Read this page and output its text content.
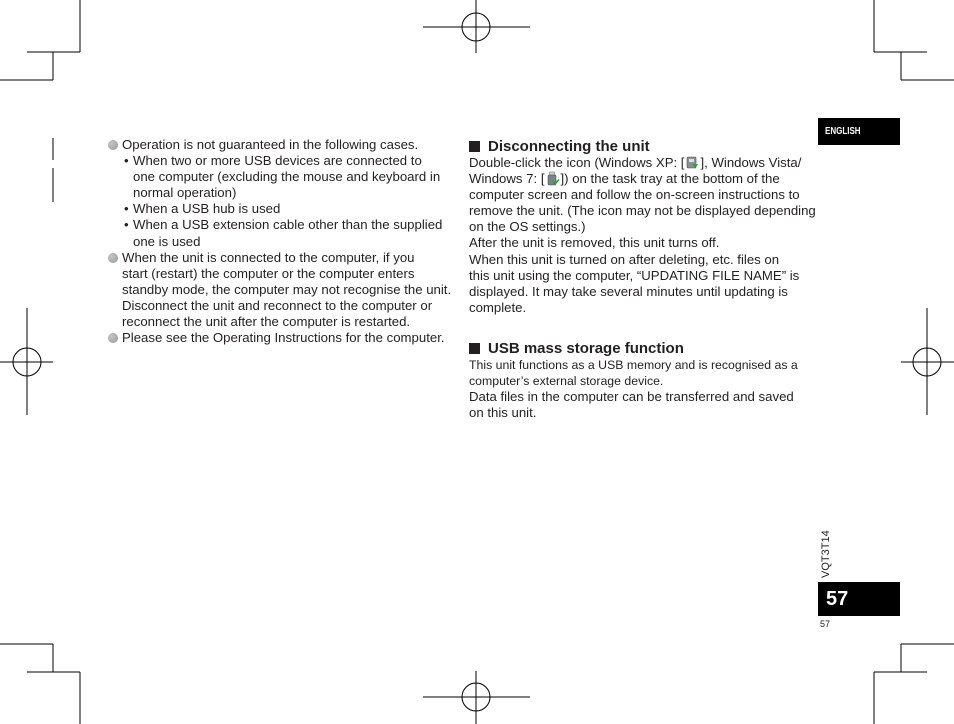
Operation is not guaranteed in the following cases.
• When two or more USB devices are connected to
one computer (excluding the mouse and keyboard in
normal operation)
• When a USB hub is used
• When a USB extension cable other than the supplied
one is used
When the unit is connected to the computer, if you
start (restart) the computer or the computer enters
standby mode, the computer may not recognise the unit.
Disconnect the unit and reconnect to the computer or
reconnect the unit after the computer is restarted.
Please see the Operating Instructions for the computer.
Disconnecting the unit
Double-click the icon (Windows XP: [ ], Windows Vista/
Windows 7: [ ]) on the task tray at the bottom of the
computer screen and follow the on-screen instructions to
remove the unit. (The icon may not be displayed depending
on the OS settings.)
After the unit is removed, this unit turns off.
When this unit is turned on after deleting, etc. files on
this unit using the computer, “UPDATING FILE NAME” is
displayed. It may take several minutes until updating is
complete.
USB mass storage function
This unit functions as a USB memory and is recognised as a
computer’s external storage device.
Data files in the computer can be transferred and saved
on this unit.
ENGLISH
VQT3T14
57
57
